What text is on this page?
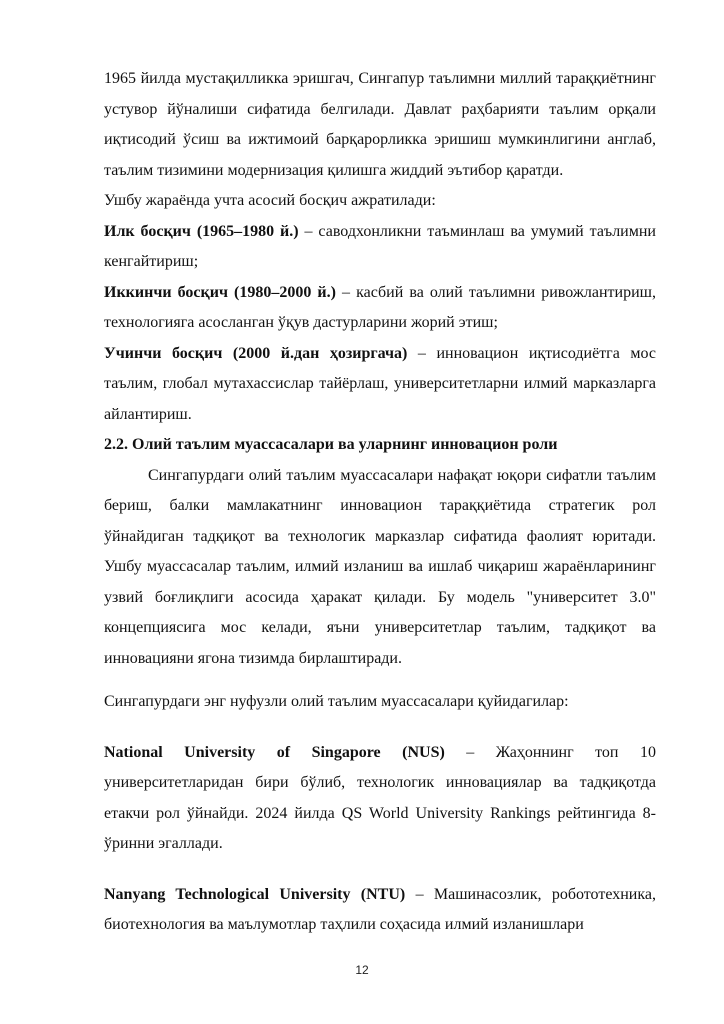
1965 йилда мустақилликка эришгач, Сингапур таълимни миллий тараққиётнинг устувор йўналиши сифатида белгилади. Давлат раҳбарияти таълим орқали иқтисодий ўсиш ва ижтимоий барқарорликка эришиш мумкинлигини англаб, таълим тизимини модернизация қилишга жиддий эътибор қаратди.

Ушбу жараёнда учта асосий босқич ажратилади:

Илк босқич (1965–1980 й.) – саводхонликни таъминлаш ва умумий таълимни кенгайтириш;

Иккинчи босқич (1980–2000 й.) – касбий ва олий таълимни ривожлантириш, технологияга асосланган ўқув дастурларини жорий этиш;

Учинчи босқич (2000 й.дан ҳозиргача) – инновацион иқтисодиётга мос таълим, глобал мутахассислар тайёрлаш, университетларни илмий марказларга айлантириш.

2.2. Олий таълим муассасалари ва уларнинг инновацион роли

Сингапурдаги олий таълим муассасалари нафақат юқори сифатли таълим бериш, балки мамлакатнинг инновацион тараққиётида стратегик рол ўйнайдиган тадқиқот ва технологик марказлар сифатида фаолият юритади. Ушбу муассасалар таълим, илмий изланиш ва ишлаб чиқариш жараёнларининг узвий боғлиқлиги асосида ҳаракат қилади. Бу модель "университет 3.0" концепциясига мос келади, яъни университетлар таълим, тадқиқот ва инновацияни ягона тизимда бирлаштиради.

Сингапурдаги энг нуфузли олий таълим муассасалари қуйидагилар:

National University of Singapore (NUS) – Жаҳоннинг топ 10 университетларидан бири бўлиб, технологик инновациялар ва тадқиқотда етакчи рол ўйнайди. 2024 йилда QS World University Rankings рейтингида 8-ўринни эгаллади.

Nanyang Technological University (NTU) – Машинасозлик, робототехника, биотехнология ва маълумотлар таҳлили соҳасида илмий изланишлари

12
